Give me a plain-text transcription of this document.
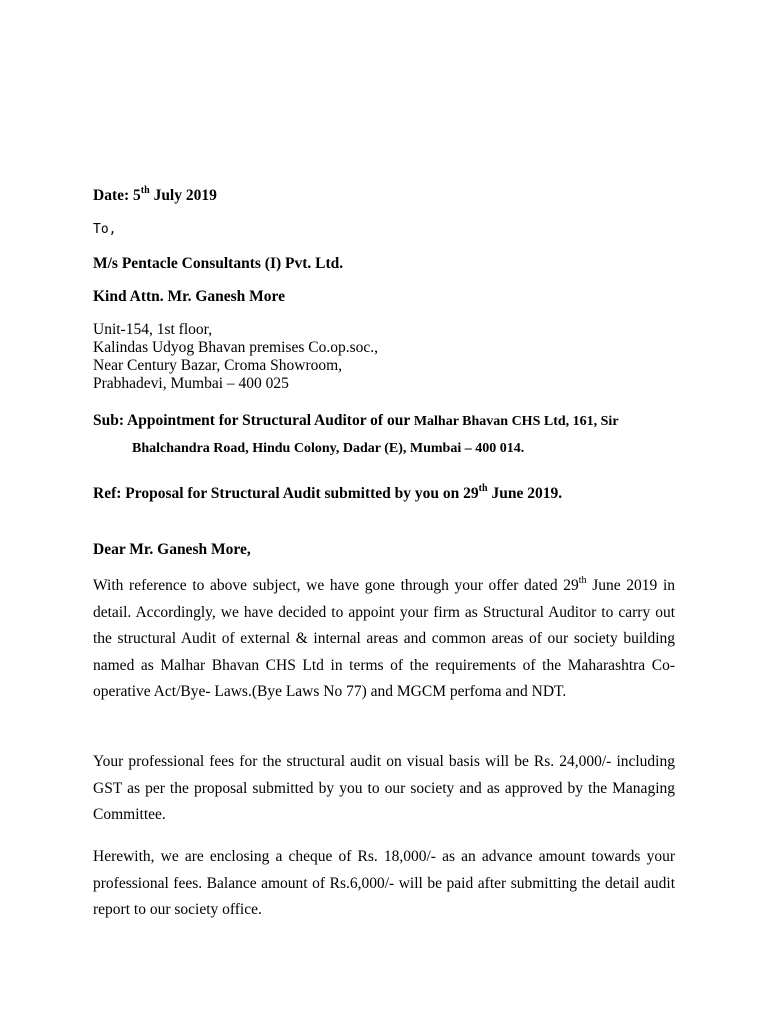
Date: 5th July 2019
To,
M/s Pentacle Consultants (I) Pvt. Ltd.
Kind Attn. Mr. Ganesh More
Unit-154, 1st floor,
Kalindas Udyog Bhavan premises Co.op.soc.,
Near Century Bazar, Croma Showroom,
Prabhadevi, Mumbai – 400 025
Sub: Appointment for Structural Auditor of our Malhar Bhavan CHS Ltd, 161, Sir
Bhalchandra Road, Hindu Colony, Dadar (E), Mumbai – 400 014.
Ref: Proposal for Structural Audit submitted by you on 29th June 2019.
Dear Mr. Ganesh More,

With reference to above subject, we have gone through your offer dated 29th June 2019 in detail. Accordingly, we have decided to appoint your firm as Structural Auditor to carry out the structural Audit of external & internal areas and common areas of our society building named as Malhar Bhavan CHS Ltd in terms of the requirements of the Maharashtra Co-operative Act/Bye- Laws.(Bye Laws No 77) and MGCM perfoma and NDT.

Your professional fees for the structural audit on visual basis will be Rs. 24,000/- including GST as per the proposal submitted by you to our society and as approved by the Managing Committee.

Herewith, we are enclosing a cheque of Rs. 18,000/- as an advance amount towards your professional fees. Balance amount of Rs.6,000/- will be paid after submitting the detail audit report to our society office.
